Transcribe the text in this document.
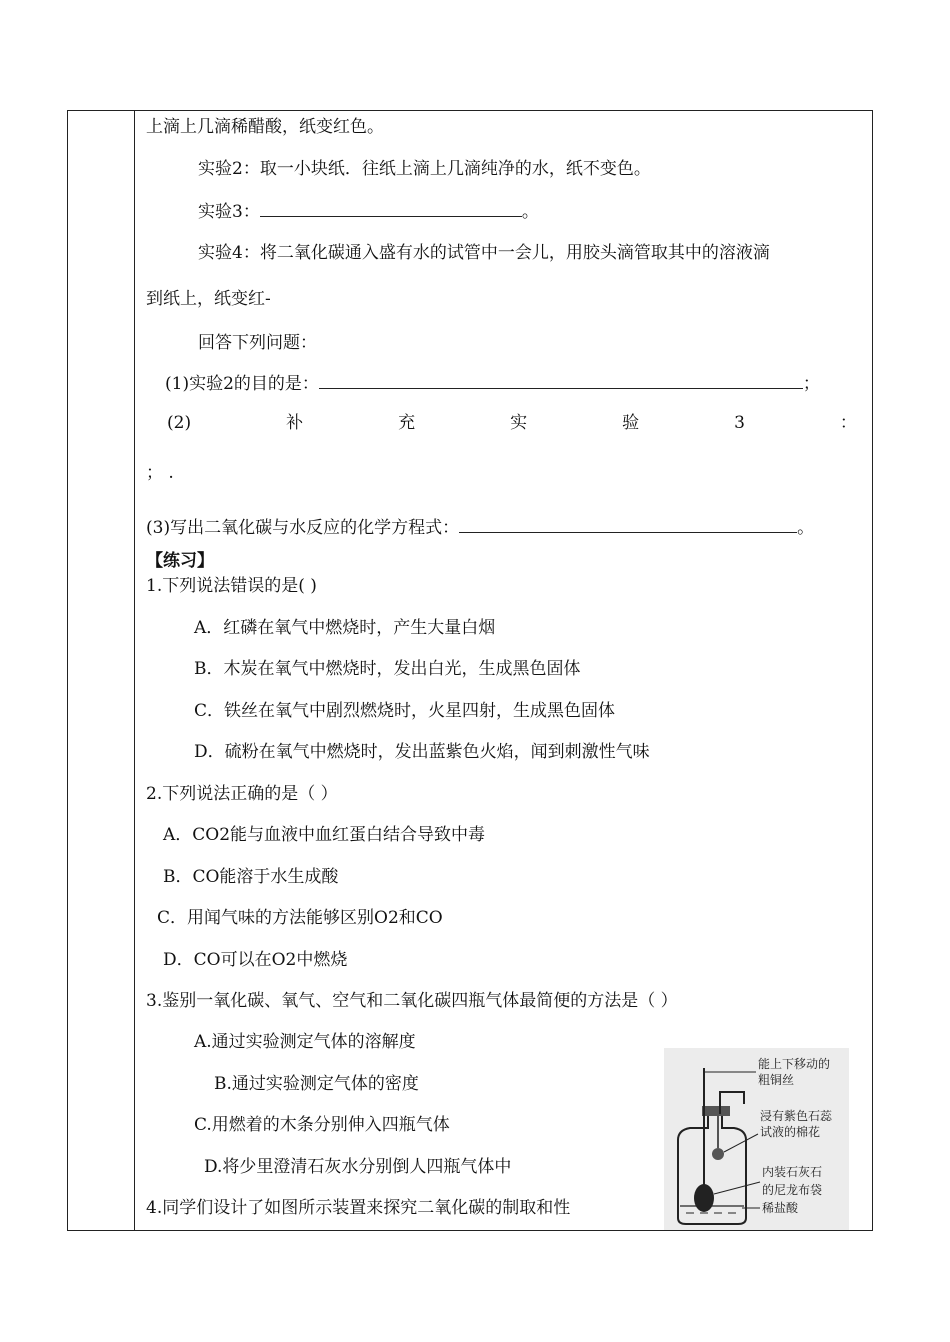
上滴上几滴稀醋酸，纸变红色。
实验2：取一小块纸．往纸上滴上几滴纯净的水，纸不变色。
实验3：	。
实验4：将二氧化碳通入盛有水的试管中一会儿，用胶头滴管取其中的溶液滴
到纸上，纸变红-
回答下列问题：
(1)实验2的目的是：	；
(2)	补	充	实	验	3	：
； .
(3)写出二氧化碳与水反应的化学方程式：	。
【练习】
1.下列说法错误的是( )
A．红磷在氧气中燃烧时，产生大量白烟
B．木炭在氧气中燃烧时，发出白光，生成黑色固体
C．铁丝在氧气中剧烈燃烧时，火星四射，生成黑色固体
D．硫粉在氧气中燃烧时，发出蓝紫色火焰，闻到刺激性气味
2.下列说法正确的是（ ）
A．CO2能与血液中血红蛋白结合导致中毒
B．CO能溶于水生成酸
C．用闻气味的方法能够区别O2和CO
D．CO可以在O2中燃烧
3.鉴别一氧化碳、氧气、空气和二氧化碳四瓶气体最简便的方法是（ ）
A.通过实验测定气体的溶解度
B.通过实验测定气体的密度
C.用燃着的木条分别伸入四瓶气体
D.将少里澄清石灰水分别倒人四瓶气体中
4.同学们设计了如图所示装置来探究二氧化碳的制取和性
能上下移动的
粗铜丝
浸有紫色石蕊
试液的棉花
内装石灰石
的尼龙布袋
稀盐酸
